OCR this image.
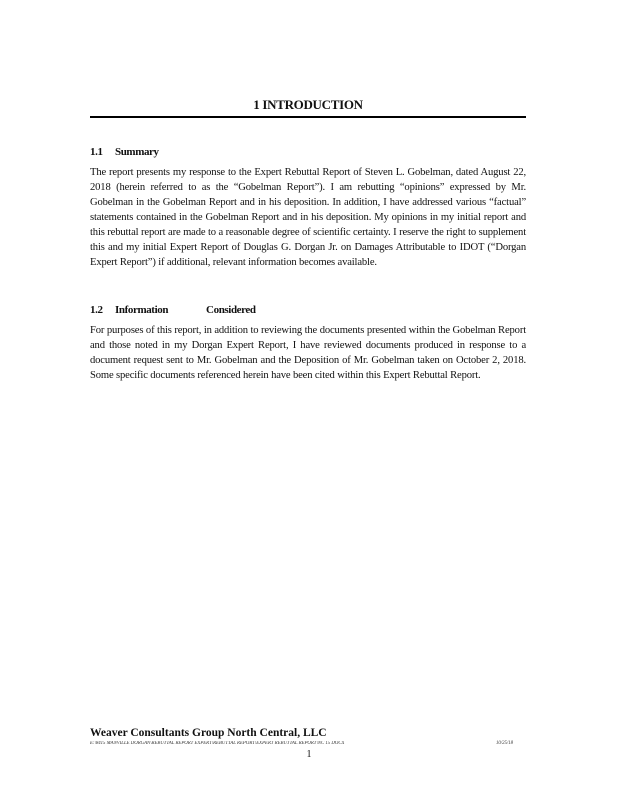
1 INTRODUCTION
1.1 Summary

The report presents my response to the Expert Rebuttal Report of Steven L. Gobelman, dated August 22, 2018 (herein referred to as the “Gobelman Report”). I am rebutting “opinions” expressed by Mr. Gobelman in the Gobelman Report and in his deposition. In addition, I have addressed various “factual” statements contained in the Gobelman Report and in his deposition. My opinions in my initial report and this rebuttal report are made to a reasonable degree of scientific certainty. I reserve the right to supplement this and my initial Expert Report of Douglas G. Dorgan Jr. on Damages Attributable to IDOT (“Dorgan Expert Report”) if additional, relevant information becomes available.

1.2 Information	Considered

For purposes of this report, in addition to reviewing the documents presented within the Gobelman Report and those noted in my Dorgan Expert Report, I have reviewed documents produced in response to a document request sent to Mr. Gobelman and the Deposition of Mr. Gobelman taken on October 2, 2018. Some specific documents referenced herein have been cited within this Expert Rebuttal Report.

Weaver Consultants Group North Central, LLC
E:\8415 MANVILLE DORGAN\REBUTTAL REPORT EXPERT\REBUTTAL REPORT\EXPERT REBUTTAL REPORT\NC 15 DOCX	10/25/18
1
